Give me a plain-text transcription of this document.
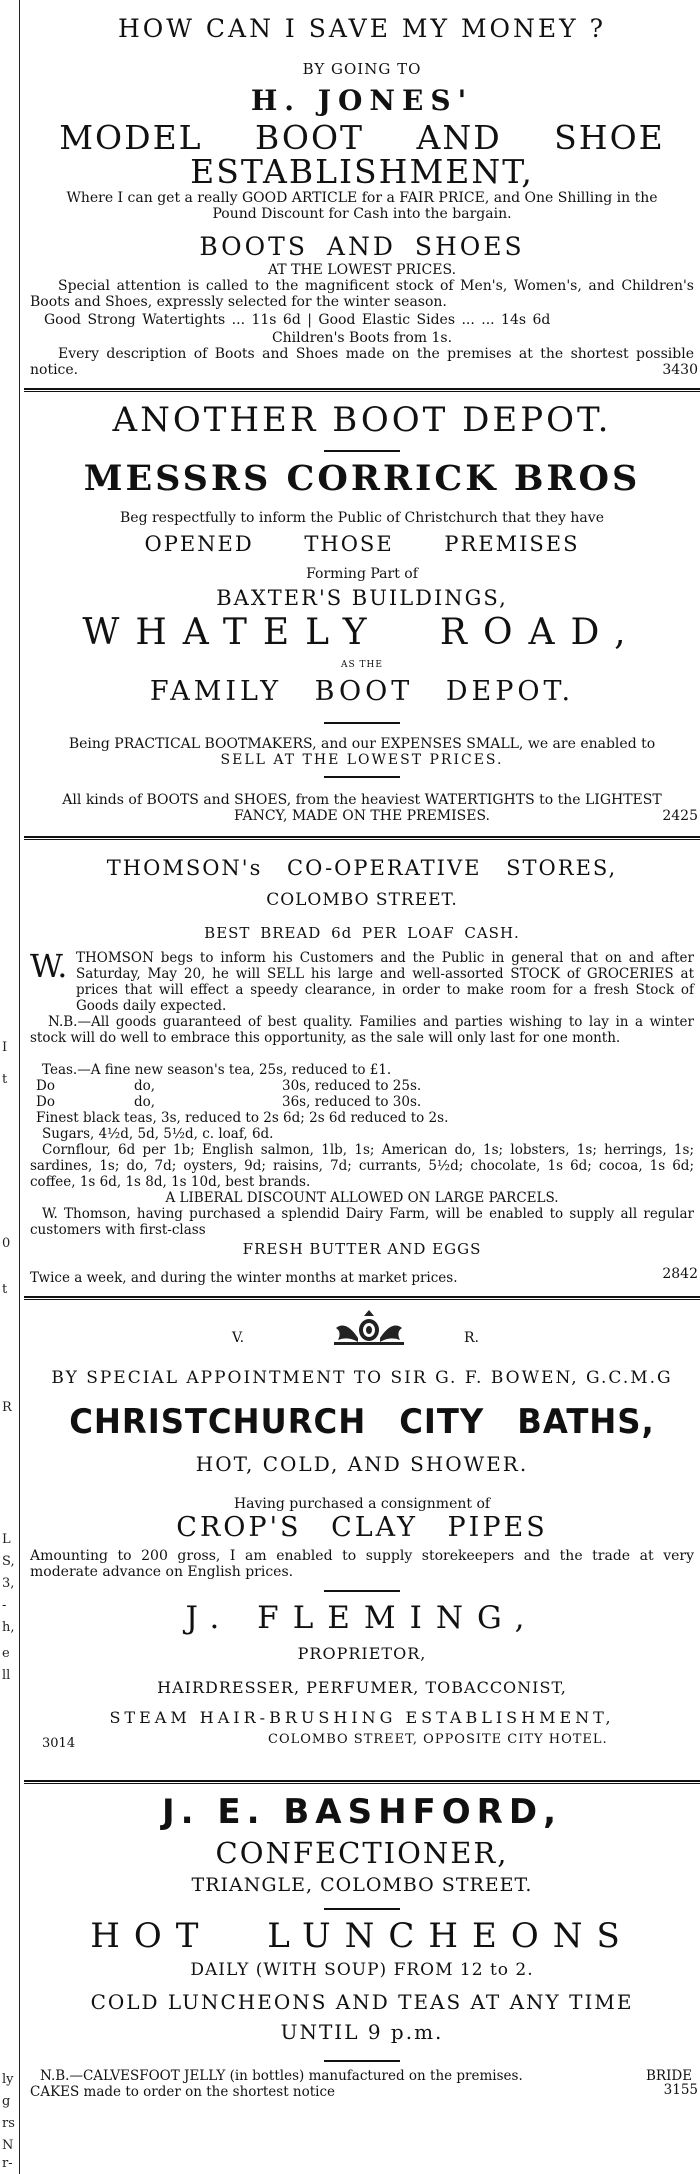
I
t
0
t
R
L
S,
3,
-
h,
e
ll
ly
g
rs
N
r-
HOW CAN I SAVE MY MONEY ?
BY GOING TO
H. JONES'
MODEL BOOT AND SHOE
ESTABLISHMENT,
Where I can get a really GOOD ARTICLE for a FAIR PRICE, and One Shilling in the
Pound Discount for Cash into the bargain.
BOOTS AND SHOES
AT THE LOWEST PRICES.
Special attention is called to the magnificent stock of Men's, Women's, and Children's Boots and Shoes, expressly selected for the winter season.
Good Strong Watertights ... 11s 6d | Good Elastic Sides ... ... 14s 6d
Children's Boots from 1s.
Every description of Boots and Shoes made on the premises at the shortest possible notice.	3430
ANOTHER BOOT DEPOT.
MESSRS CORRICK BROS
Beg respectfully to inform the Public of Christchurch that they have
OPENED THOSE PREMISES
Forming Part of
BAXTER'S BUILDINGS,
WHATELY ROAD,
AS THE
FAMILY BOOT DEPOT.
Being PRACTICAL BOOTMAKERS, and our EXPENSES SMALL, we are enabled to
SELL AT THE LOWEST PRICES.
All kinds of BOOTS and SHOES, from the heaviest WATERTIGHTS to the LIGHTEST
FANCY, MADE ON THE PREMISES.	2425
THOMSON's CO-OPERATIVE STORES,
COLOMBO STREET.
BEST BREAD 6d PER LOAF CASH.
W. THOMSON begs to inform his Customers and the Public in general that on and after Saturday, May 20, he will SELL his large and well-assorted STOCK of GROCERIES at prices that will effect a speedy clearance, in order to make room for a fresh Stock of Goods daily expected.
N.B.—All goods guaranteed of best quality. Families and parties wishing to lay in a winter stock will do well to embrace this opportunity, as the sale will only last for one month.
Teas.—A fine new season's tea, 25s, reduced to £1.
Do	do,	30s, reduced to 25s.
Do	do,	36s, reduced to 30s.
Finest black teas, 3s, reduced to 2s 6d; 2s 6d reduced to 2s.
Sugars, 4½d, 5d, 5½d, c. loaf, 6d.
Cornflour, 6d per 1b; English salmon, 1lb, 1s; American do, 1s; lobsters, 1s; herrings, 1s; sardines, 1s; do, 7d; oysters, 9d; raisins, 7d; currants, 5½d; chocolate, 1s 6d; cocoa, 1s 6d; coffee, 1s 6d, 1s 8d, 1s 10d, best brands.
A LIBERAL DISCOUNT ALLOWED ON LARGE PARCELS.
W. Thomson, having purchased a splendid Dairy Farm, will be enabled to supply all regular customers with first-class
FRESH BUTTER AND EGGS
Twice a week, and during the winter months at market prices.	2842
V.	R.
BY SPECIAL APPOINTMENT TO SIR G. F. BOWEN, G.C.M.G
CHRISTCHURCH CITY BATHS,
HOT, COLD, AND SHOWER.
Having purchased a consignment of
CROP'S CLAY PIPES
Amounting to 200 gross, I am enabled to supply storekeepers and the trade at very moderate advance on English prices.
J. FLEMING,
PROPRIETOR,
HAIRDRESSER, PERFUMER, TOBACCONIST,
STEAM HAIR-BRUSHING ESTABLISHMENT,
3014	COLOMBO STREET, OPPOSITE CITY HOTEL.
J. E. BASHFORD,
CONFECTIONER,
TRIANGLE, COLOMBO STREET.
HOT LUNCHEONS
DAILY (WITH SOUP) FROM 12 to 2.
COLD LUNCHEONS AND TEAS AT ANY TIME
UNTIL 9 p.m.
N.B.—CALVESFOOT JELLY (in bottles) manufactured on the premises.	BRIDE
CAKES made to order on the shortest notice	3155
